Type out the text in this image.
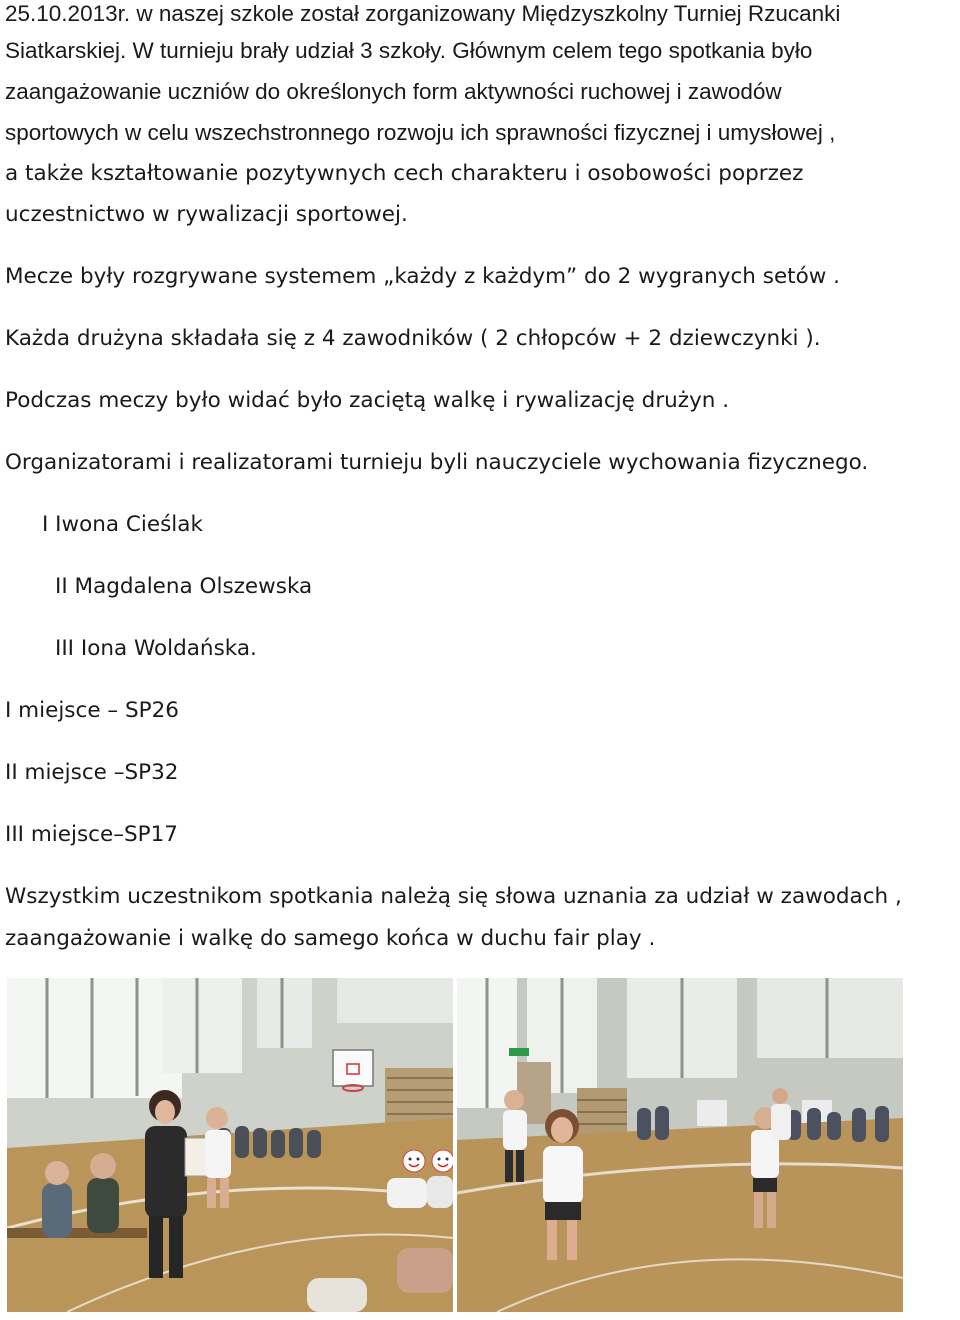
25.10.2013r. w naszej szkole został zorganizowany Międzyszkolny Turniej Rzucanki
Siatkarskiej. W turnieju brały udział 3 szkoły. Głównym celem tego spotkania było
zaangażowanie uczniów do określonych form aktywności ruchowej i zawodów
sportowych w celu wszechstronnego rozwoju ich sprawności fizycznej i umysłowej ,
a także kształtowanie pozytywnych cech charakteru i osobowości poprzez
uczestnictwo w rywalizacji sportowej.
Mecze były rozgrywane systemem „każdy z każdym” do 2 wygranych setów .
Każda drużyna składała się z 4 zawodników ( 2 chłopców + 2 dziewczynki ).
Podczas meczy było widać było zaciętą walkę i rywalizację drużyn .
Organizatorami i realizatorami turnieju byli nauczyciele wychowania fizycznego.
I Iwona Cieślak
II Magdalena Olszewska
III Iona Woldańska.
I miejsce – SP26
II miejsce –SP32
III miejsce–SP17
Wszystkim uczestnikom spotkania należą się słowa uznania za udział w zawodach ,
zaangażowanie i walkę do samego końca w duchu fair play .
